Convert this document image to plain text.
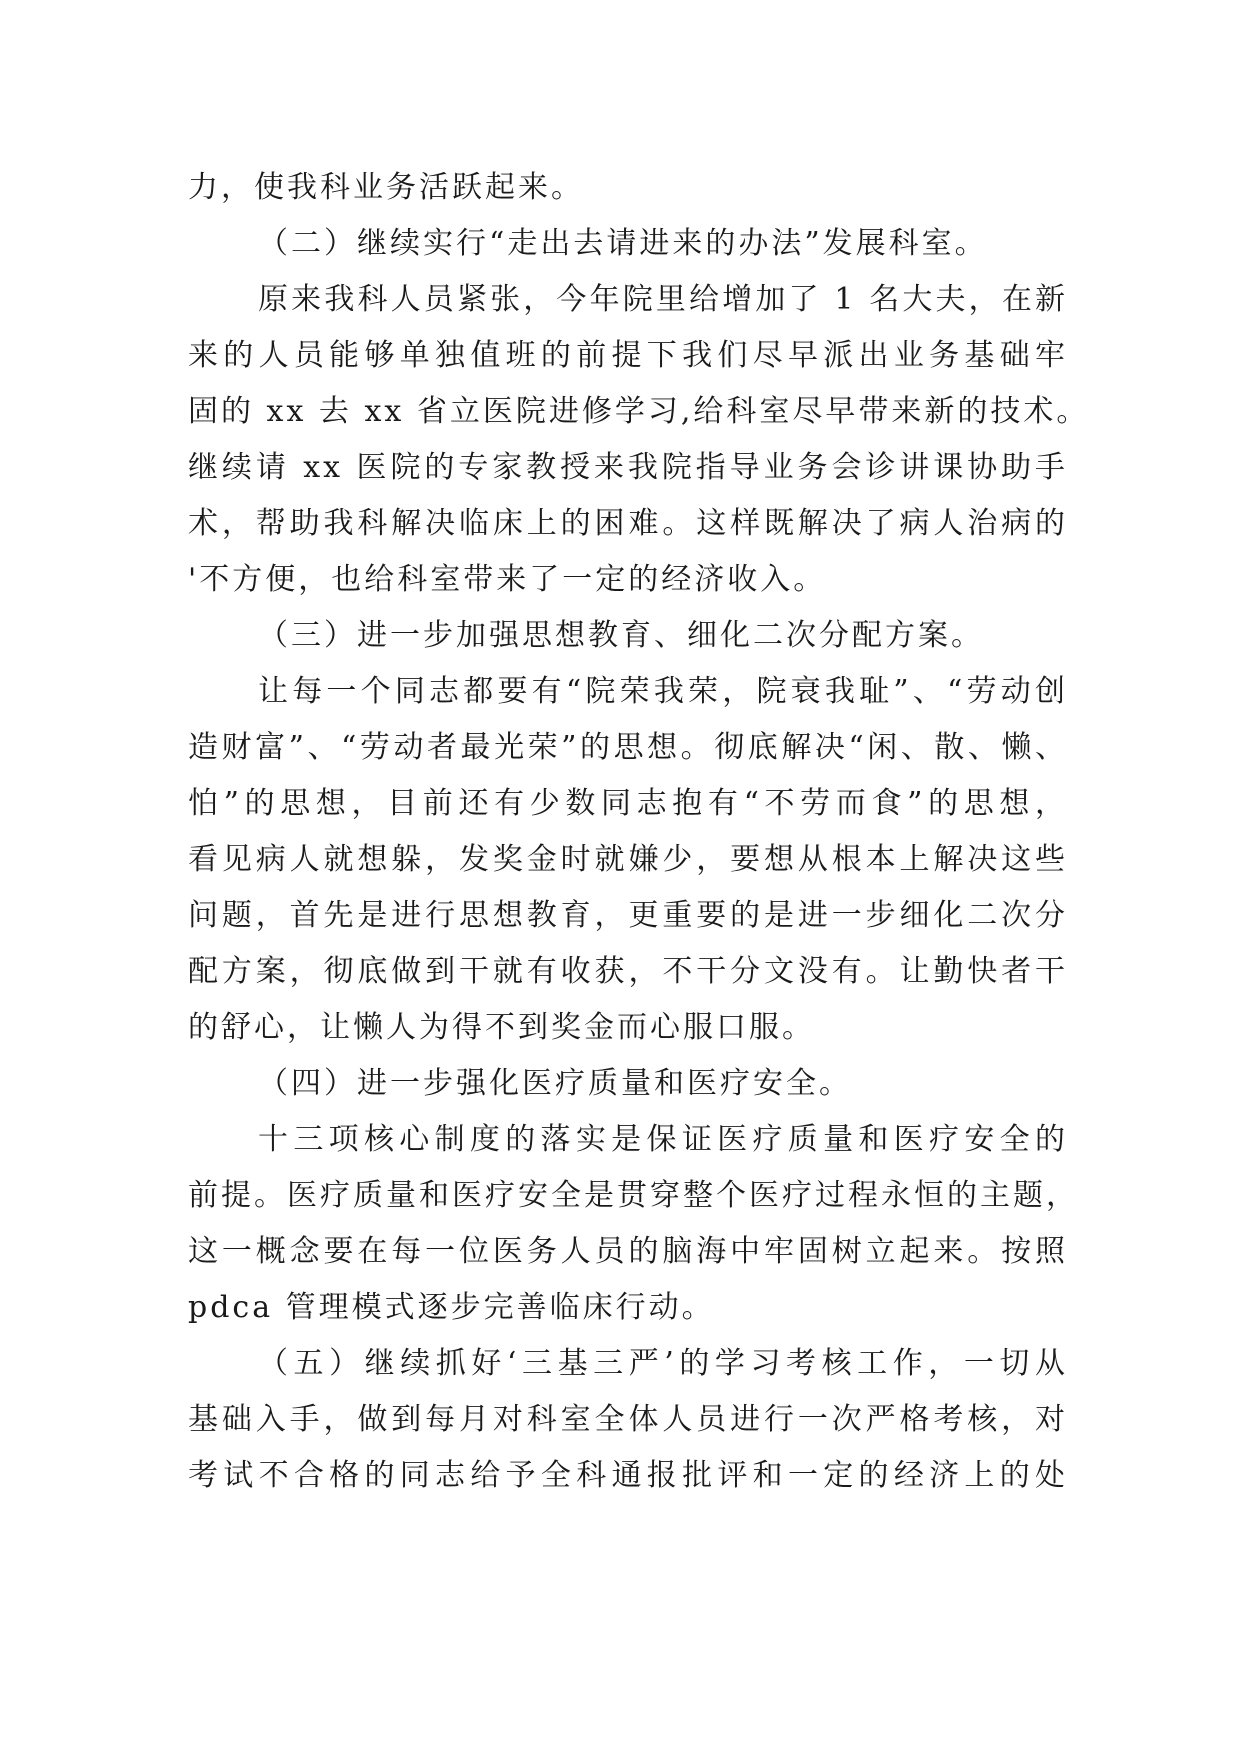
力，使我科业务活跃起来。
（二）继续实行“走出去请进来的办法”发展科室。
原来我科人员紧张，今年院里给增加了 1 名大夫，在新
来的人员能够单独值班的前提下我们尽早派出业务基础牢
固的 xx 去 xx 省立医院进修学习,给科室尽早带来新的技术。
继续请 xx 医院的专家教授来我院指导业务会诊讲课协助手
术，帮助我科解决临床上的困难。这样既解决了病人治病的
'不方便，也给科室带来了一定的经济收入。
（三）进一步加强思想教育、细化二次分配方案。
让每一个同志都要有“院荣我荣，院衰我耻”、“劳动创
造财富”、“劳动者最光荣”的思想。彻底解决“闲、散、懒、
怕”的思想，目前还有少数同志抱有“不劳而食”的思想，
看见病人就想躲，发奖金时就嫌少，要想从根本上解决这些
问题，首先是进行思想教育，更重要的是进一步细化二次分
配方案，彻底做到干就有收获，不干分文没有。让勤快者干
的舒心，让懒人为得不到奖金而心服口服。
（四）进一步强化医疗质量和医疗安全。
十三项核心制度的落实是保证医疗质量和医疗安全的
前提。医疗质量和医疗安全是贯穿整个医疗过程永恒的主题，
这一概念要在每一位医务人员的脑海中牢固树立起来。按照
pdca 管理模式逐步完善临床行动。
（五）继续抓好‘三基三严’的学习考核工作，一切从
基础入手，做到每月对科室全体人员进行一次严格考核，对
考试不合格的同志给予全科通报批评和一定的经济上的处
